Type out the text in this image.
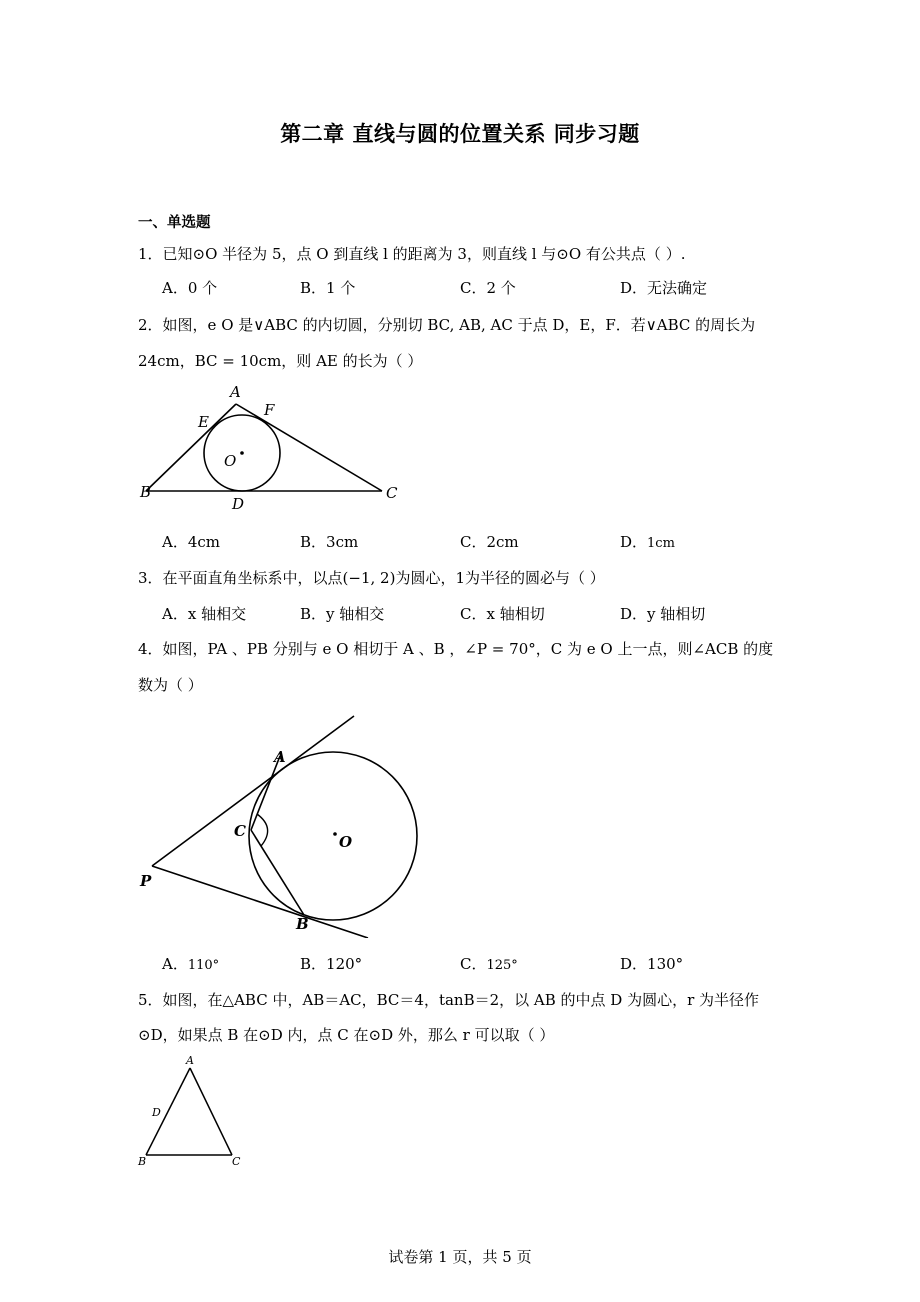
第二章 直线与圆的位置关系 同步习题
一、单选题
1．已知⊙O 半径为 5，点 O 到直线 l 的距离为 3，则直线 l 与⊙O 有公共点（ ）.
A．0 个	B．1 个	C．2 个	D．无法确定
2．如图，e O 是∨ABC 的内切圆，分别切 BC, AB, AC 于点 D，E，F．若∨ABC 的周长为
24cm，BC = 10cm，则 AE 的长为（ ）
A
B	C
D
E
F
O
A．4cm	B．3cm	C．2cm	D．1cm
3．在平面直角坐标系中，以点(−1, 2)为圆心，1为半径的圆必与（ ）
A．x 轴相交	B．y 轴相交	C．x 轴相切	D．y 轴相切
4．如图，PA 、PB 分别与 e O 相切于 A 、B ，∠P = 70°，C 为 e O 上一点，则∠ACB 的度
数为（ ）
A
B
C
P
O
A．110°	B．120°	C．125°	D．130°
5．如图，在△ABC 中，AB＝AC，BC＝4，tanB＝2，以 AB 的中点 D 为圆心，r 为半径作
⊙D，如果点 B 在⊙D 内，点 C 在⊙D 外，那么 r 可以取（ ）
A
B	C
D
试卷第 1 页，共 5 页
